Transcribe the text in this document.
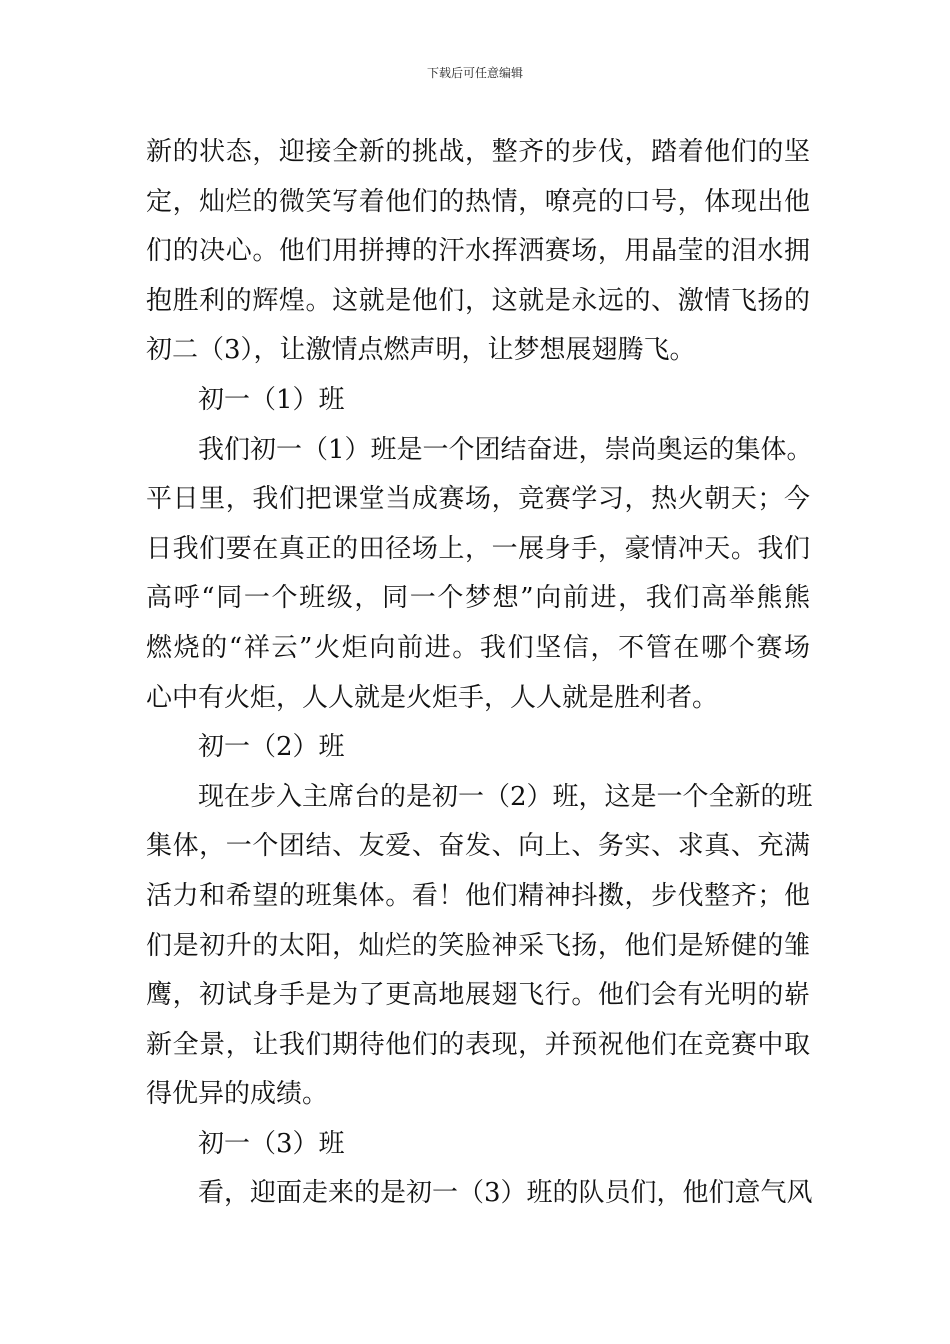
下载后可任意编辑
新的状态，迎接全新的挑战，整齐的步伐，踏着他们的坚
定，灿烂的微笑写着他们的热情，嘹亮的口号，体现出他
们的决心。他们用拼搏的汗水挥洒赛场，用晶莹的泪水拥
抱胜利的辉煌。这就是他们，这就是永远的、激情飞扬的
初二（3），让激情点燃声明，让梦想展翅腾飞。
初一（1）班
我们初一（1）班是一个团结奋进，崇尚奥运的集体。
平日里，我们把课堂当成赛场，竞赛学习，热火朝天；今
日我们要在真正的田径场上，一展身手，豪情冲天。我们
高呼“同一个班级，同一个梦想”向前进，我们高举熊熊
燃烧的“祥云”火炬向前进。我们坚信，不管在哪个赛场
心中有火炬，人人就是火炬手，人人就是胜利者。
初一（2）班
现在步入主席台的是初一（2）班，这是一个全新的班
集体，一个团结、友爱、奋发、向上、务实、求真、充满
活力和希望的班集体。看！他们精神抖擞，步伐整齐；他
们是初升的太阳，灿烂的笑脸神采飞扬，他们是矫健的雏
鹰，初试身手是为了更高地展翅飞行。他们会有光明的崭
新全景，让我们期待他们的表现，并预祝他们在竞赛中取
得优异的成绩。
初一（3）班
看，迎面走来的是初一（3）班的队员们，他们意气风
